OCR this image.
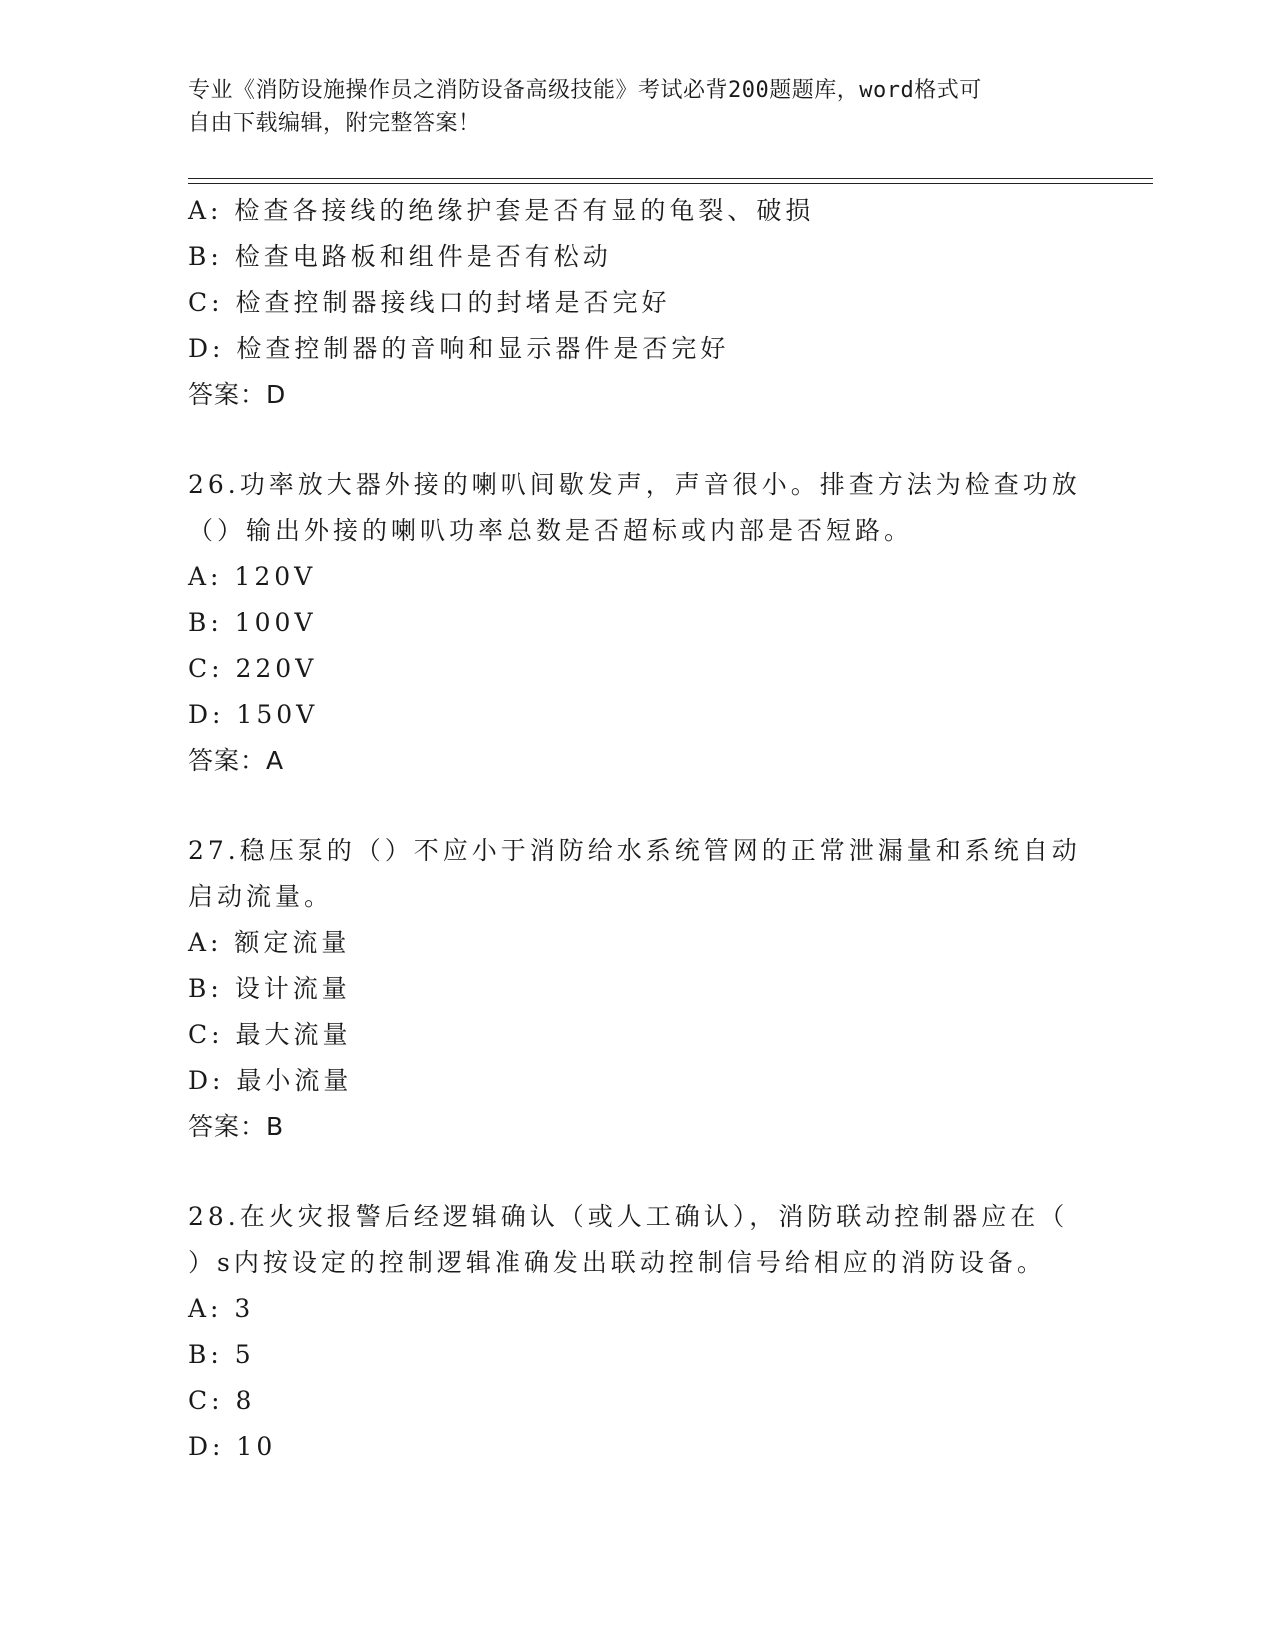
专业《消防设施操作员之消防设备高级技能》考试必背200题题库，word格式可
自由下载编辑，附完整答案！
A: 检查各接线的绝缘护套是否有显的龟裂、破损
B: 检查电路板和组件是否有松动
C: 检查控制器接线口的封堵是否完好
D: 检查控制器的音响和显示器件是否完好
答案：D
26.功率放大器外接的喇叭间歇发声，声音很小。排查方法为检查功放
（）输出外接的喇叭功率总数是否超标或内部是否短路。
A: 120V
B: 100V
C: 220V
D: 150V
答案：A
27.稳压泵的（）不应小于消防给水系统管网的正常泄漏量和系统自动
启动流量。
A: 额定流量
B: 设计流量
C: 最大流量
D: 最小流量
答案：B
28.在火灾报警后经逻辑确认（或人工确认），消防联动控制器应在（
）s内按设定的控制逻辑准确发出联动控制信号给相应的消防设备。
A: 3
B: 5
C: 8
D: 10
